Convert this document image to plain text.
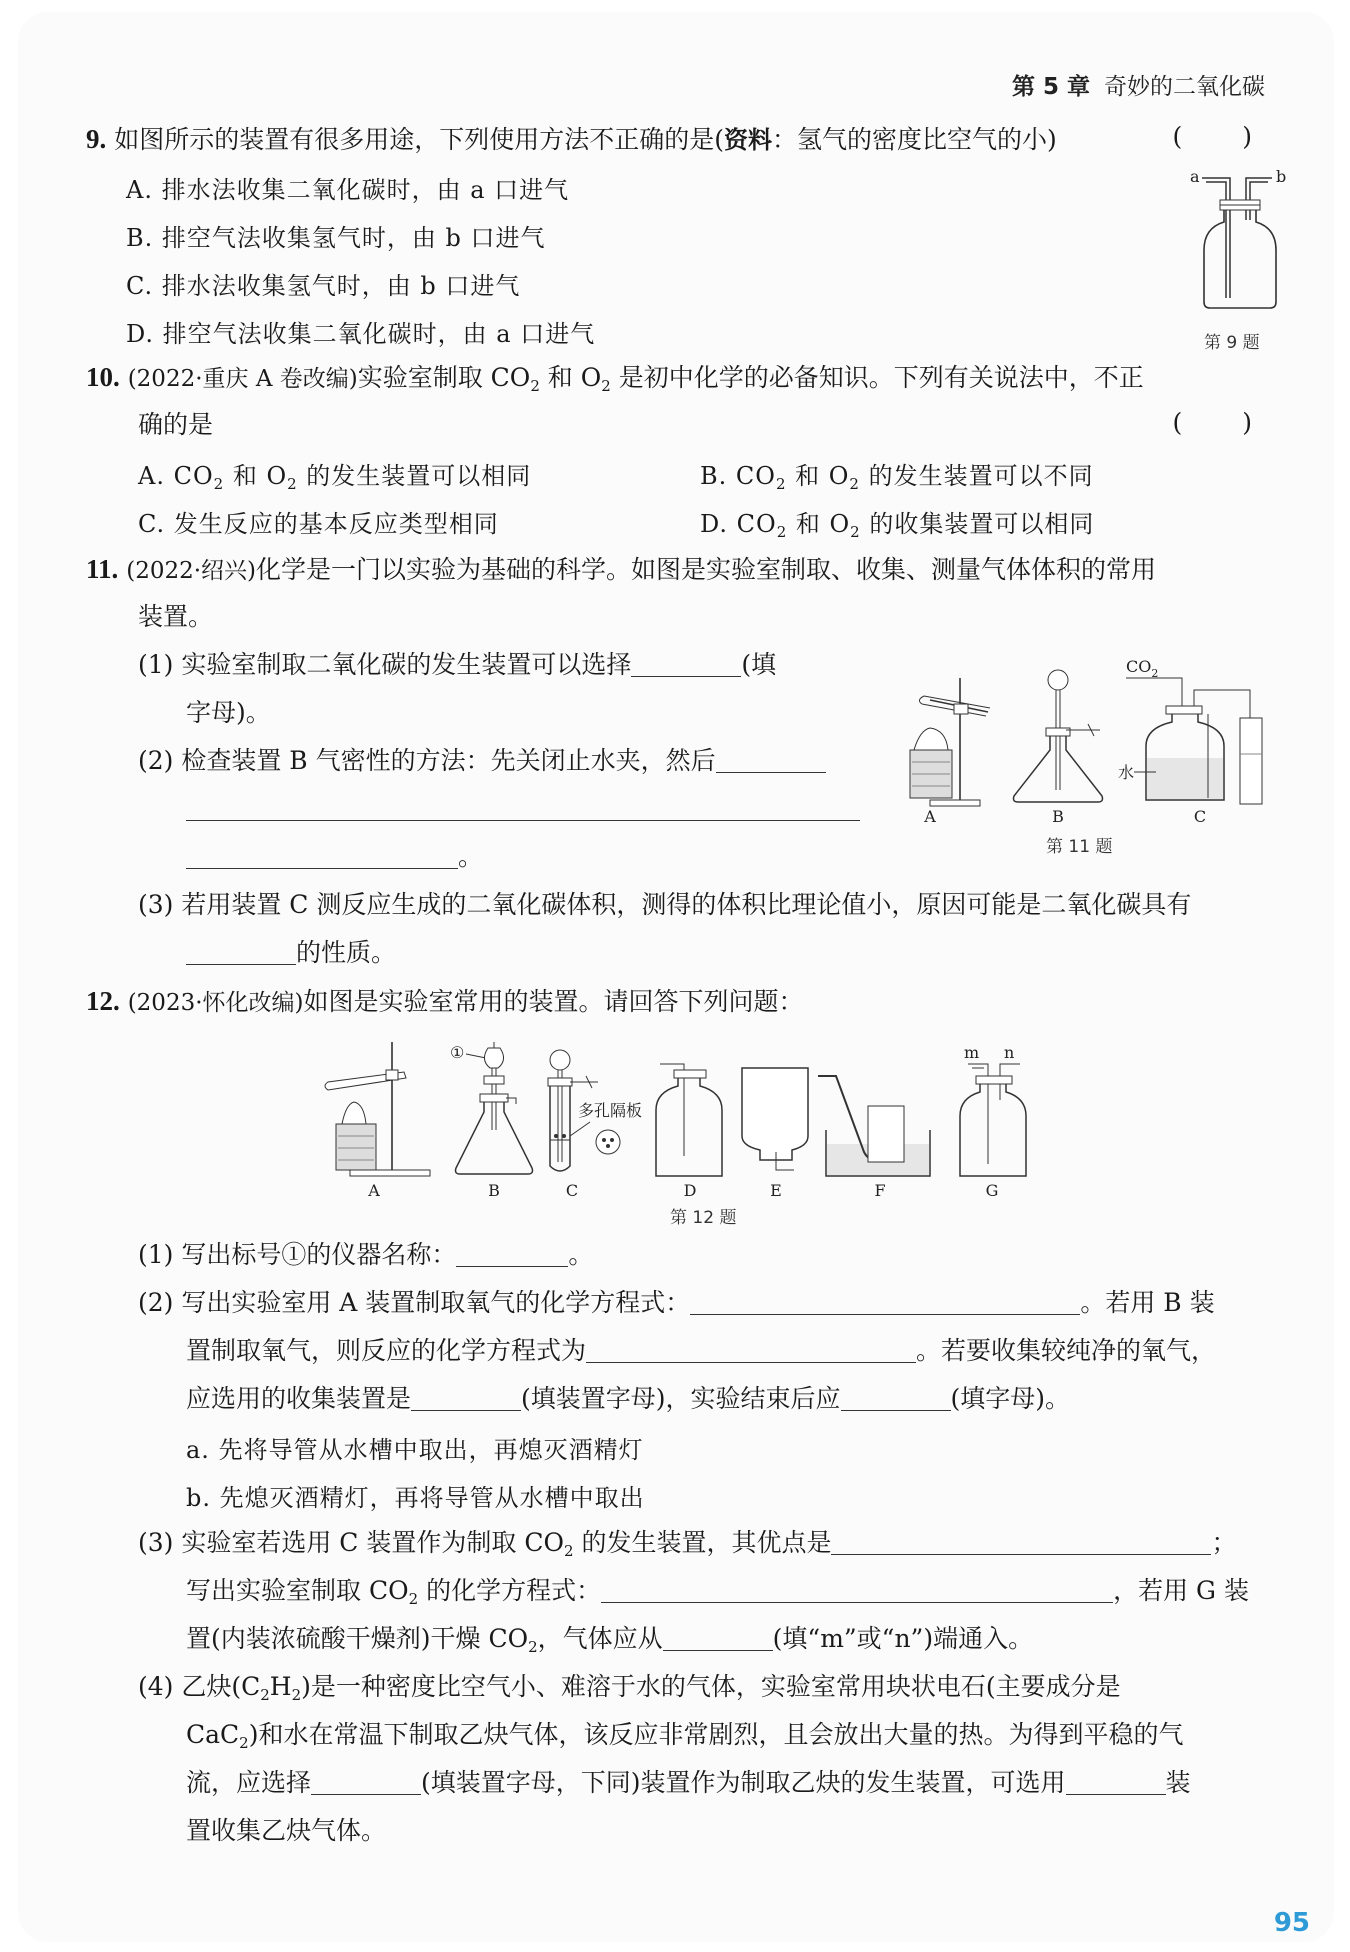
第 5 章 奇妙的二氧化碳
9. 如图所示的装置有很多用途，下列使用方法不正确的是(资料：氢气的密度比空气的小)	( )
A. 排水法收集二氧化碳时，由 a 口进气
B. 排空气法收集氢气时，由 b 口进气
C. 排水法收集氢气时，由 b 口进气
D. 排空气法收集二氧化碳时，由 a 口进气
a	b
第 9 题
10. (2022·重庆 A 卷改编)实验室制取 $CO_2$ 和 $O_2$ 是初中化学的必备知识。下列有关说法中，不正
确的是	( )
A. $CO_2$ 和 $O_2$ 的发生装置可以相同	B. $CO_2$ 和 $O_2$ 的发生装置可以不同
C. 发生反应的基本反应类型相同	D. $CO_2$ 和 $O_2$ 的收集装置可以相同
11. (2022·绍兴)化学是一门以实验为基础的科学。如图是实验室制取、收集、测量气体体积的常用
装置。
(1) 实验室制取二氧化碳的发生装置可以选择	(填
字母)。
(2) 检查装置 B 气密性的方法：先关闭止水夹，然后
。
$CO_2$
A	B
水
C
第 11 题
(3) 若用装置 C 测反应生成的二氧化碳体积，测得的体积比理论值小，原因可能是二氧化碳具有
的性质。
12. (2023·怀化改编)如图是实验室常用的装置。请回答下列问题：
A
①
B
多孔隔板
C	D	E	F
m n
G
第 12 题
(1) 写出标号①的仪器名称：	。
(2) 写出实验室用 A 装置制取氧气的化学方程式：	。若用 B 装
置制取氧气，则反应的化学方程式为	。若要收集较纯净的氧气，
应选用的收集装置是	(填装置字母)，实验结束后应	(填字母)。
a. 先将导管从水槽中取出，再熄灭酒精灯
b. 先熄灭酒精灯，再将导管从水槽中取出
(3) 实验室若选用 C 装置作为制取 $CO_2$ 的发生装置，其优点是	；
写出实验室制取 $CO_2$ 的化学方程式：	，若用 G 装
置(内装浓硫酸干燥剂)干燥 $CO_2$，气体应从	(填“m”或“n”)端通入。
(4) 乙炔$(C_2H_2)$是一种密度比空气小、难溶于水的气体，实验室常用块状电石(主要成分是
CaC$_2$)和水在常温下制取乙炔气体，该反应非常剧烈，且会放出大量的热。为得到平稳的气
流，应选择	(填装置字母，下同)装置作为制取乙炔的发生装置，可选用	装
置收集乙炔气体。
95
